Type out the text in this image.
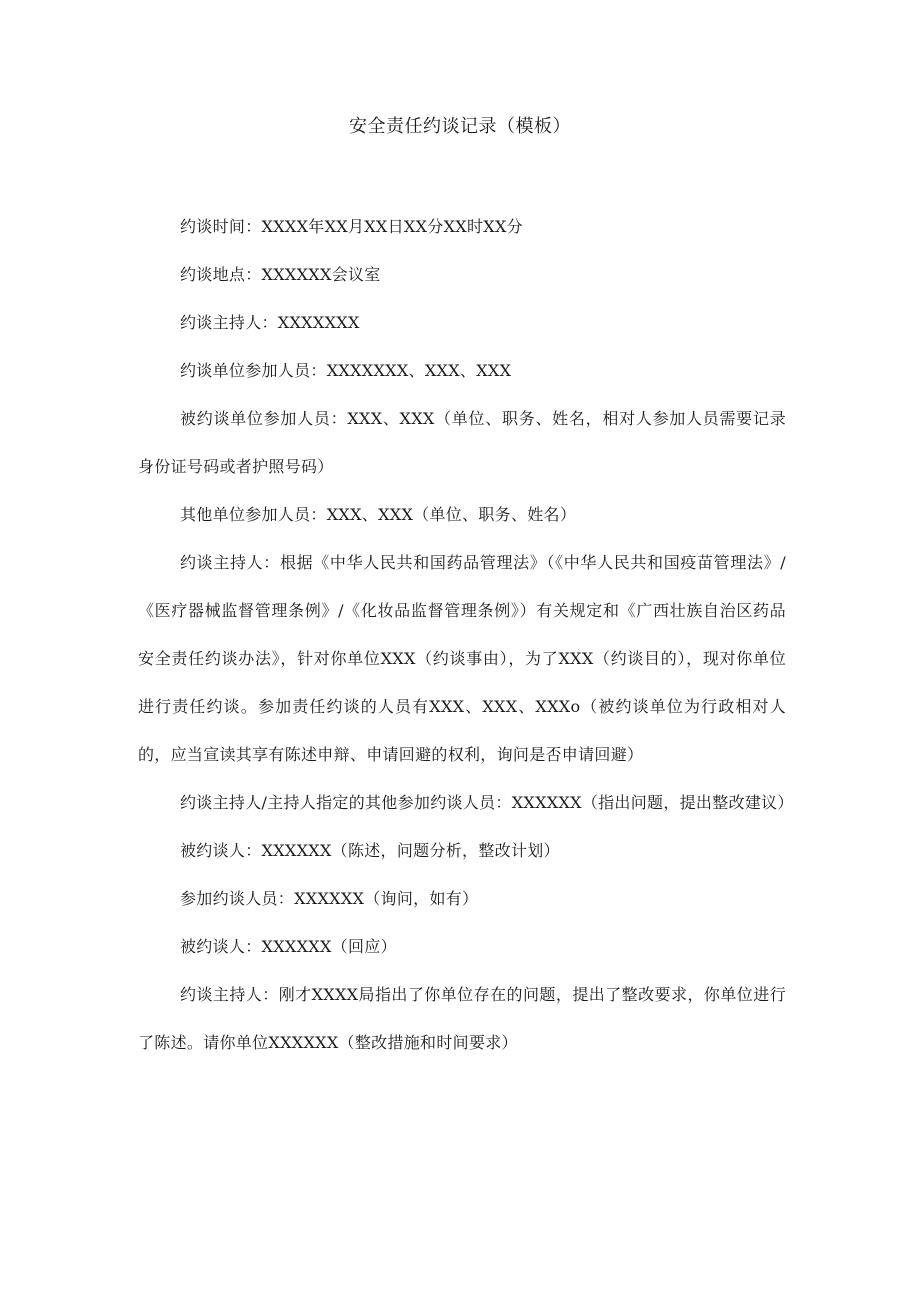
安全责任约谈记录（模板）

约谈时间：XXXX年XX月XX日XX分XX时XX分

约谈地点：XXXXXX会议室

约谈主持人：XXXXXXX

约谈单位参加人员：XXXXXXX、XXX、XXX

被约谈单位参加人员：XXX、XXX（单位、职务、姓名，相对人参加人员需要记录身份证号码或者护照号码）

其他单位参加人员：XXX、XXX（单位、职务、姓名）

约谈主持人：根据《中华人民共和国药品管理法》（《中华人民共和国疫苗管理法》/《医疗器械监督管理条例》/《化妆品监督管理条例》）有关规定和《广西壮族自治区药品安全责任约谈办法》，针对你单位XXX（约谈事由），为了XXX（约谈目的），现对你单位进行责任约谈。参加责任约谈的人员有XXX、XXX、XXXo（被约谈单位为行政相对人的，应当宣读其享有陈述申辩、申请回避的权利，询问是否申请回避）

约谈主持人/主持人指定的其他参加约谈人员：XXXXXX（指出问题，提出整改建议）

被约谈人：XXXXXX（陈述，问题分析，整改计划）

参加约谈人员：XXXXXX（询问，如有）

被约谈人：XXXXXX（回应）

约谈主持人：刚才XXXX局指出了你单位存在的问题，提出了整改要求，你单位进行了陈述。请你单位XXXXXX（整改措施和时间要求）
